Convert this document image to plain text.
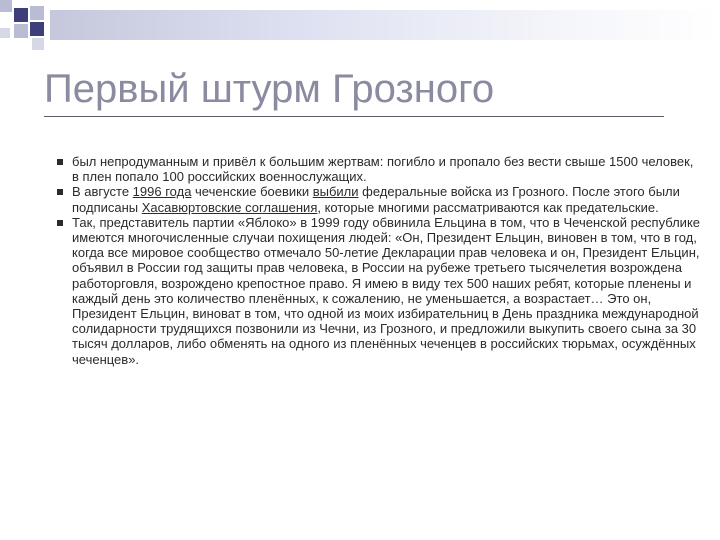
Первый штурм Грозного
был непродуманным и привёл к большим жертвам: погибло и пропало без вести свыше 1500 человек, в плен попало 100 российских военнослужащих.
В августе 1996 года чеченские боевики выбили федеральные войска из Грозного. После этого были подписаны Хасавюртовские соглашения, которые многими рассматриваются как предательские.
Так, представитель партии «Яблоко» в 1999 году обвинила Ельцина в том, что в Чеченской республике имеются многочисленные случаи похищения людей: «Он, Президент Ельцин, виновен в том, что в год, когда все мировое сообщество отмечало 50-летие Декларации прав человека и он, Президент Ельцин, объявил в России год защиты прав человека, в России на рубеже третьего тысячелетия возрождена работорговля, возрождено крепостное право. Я имею в виду тех 500 наших ребят, которые пленены и каждый день это количество пленённых, к сожалению, не уменьшается, а возрастает… Это он, Президент Ельцин, виноват в том, что одной из моих избирательниц в День праздника международной солидарности трудящихся позвонили из Чечни, из Грозного, и предложили выкупить своего сына за 30 тысяч долларов, либо обменять на одного из пленённых чеченцев в российских тюрьмах, осуждённых чеченцев».
